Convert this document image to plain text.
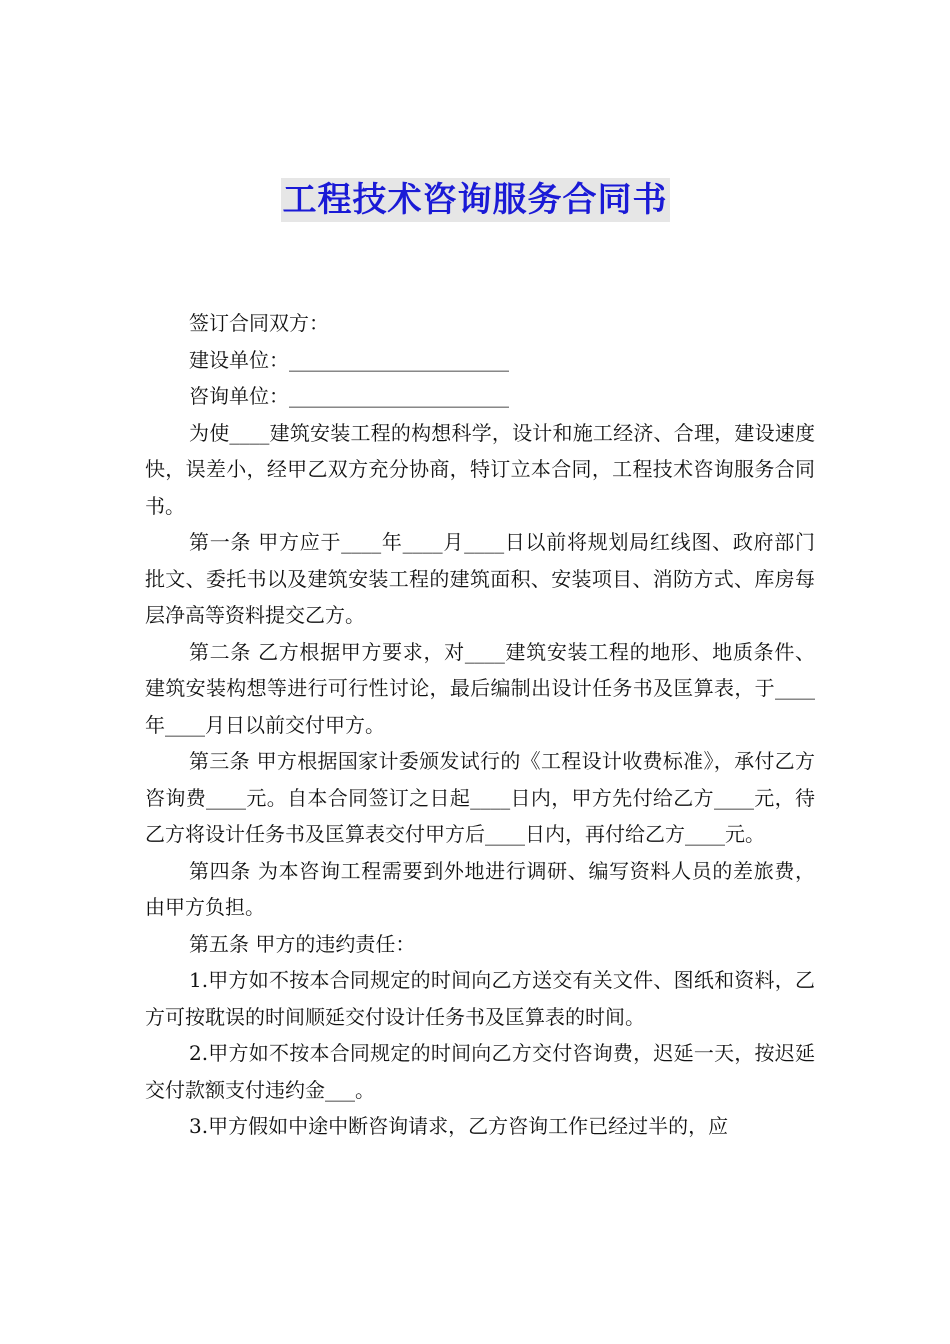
工程技术咨询服务合同书

签订合同双方：

建设单位：______________________

咨询单位：______________________

为使____建筑安装工程的构想科学，设计和施工经济、合理，建设速度快，误差小，经甲乙双方充分协商，特订立本合同，工程技术咨询服务合同书。

第一条 甲方应于____年____月____日以前将规划局红线图、政府部门批文、委托书以及建筑安装工程的建筑面积、安装项目、消防方式、库房每层净高等资料提交乙方。

第二条 乙方根据甲方要求，对____建筑安装工程的地形、地质条件、建筑安装构想等进行可行性讨论，最后编制出设计任务书及匡算表，于____年____月日以前交付甲方。

第三条 甲方根据国家计委颁发试行的《工程设计收费标准》，承付乙方咨询费____元。自本合同签订之日起____日内，甲方先付给乙方____元，待乙方将设计任务书及匡算表交付甲方后____日内，再付给乙方____元。

第四条 为本咨询工程需要到外地进行调研、编写资料人员的差旅费，由甲方负担。

第五条 甲方的违约责任：

1.甲方如不按本合同规定的时间向乙方送交有关文件、图纸和资料，乙方可按耽误的时间顺延交付设计任务书及匡算表的时间。

2.甲方如不按本合同规定的时间向乙方交付咨询费，迟延一天，按迟延交付款额支付违约金___。

3.甲方假如中途中断咨询请求，乙方咨询工作已经过半的，应
